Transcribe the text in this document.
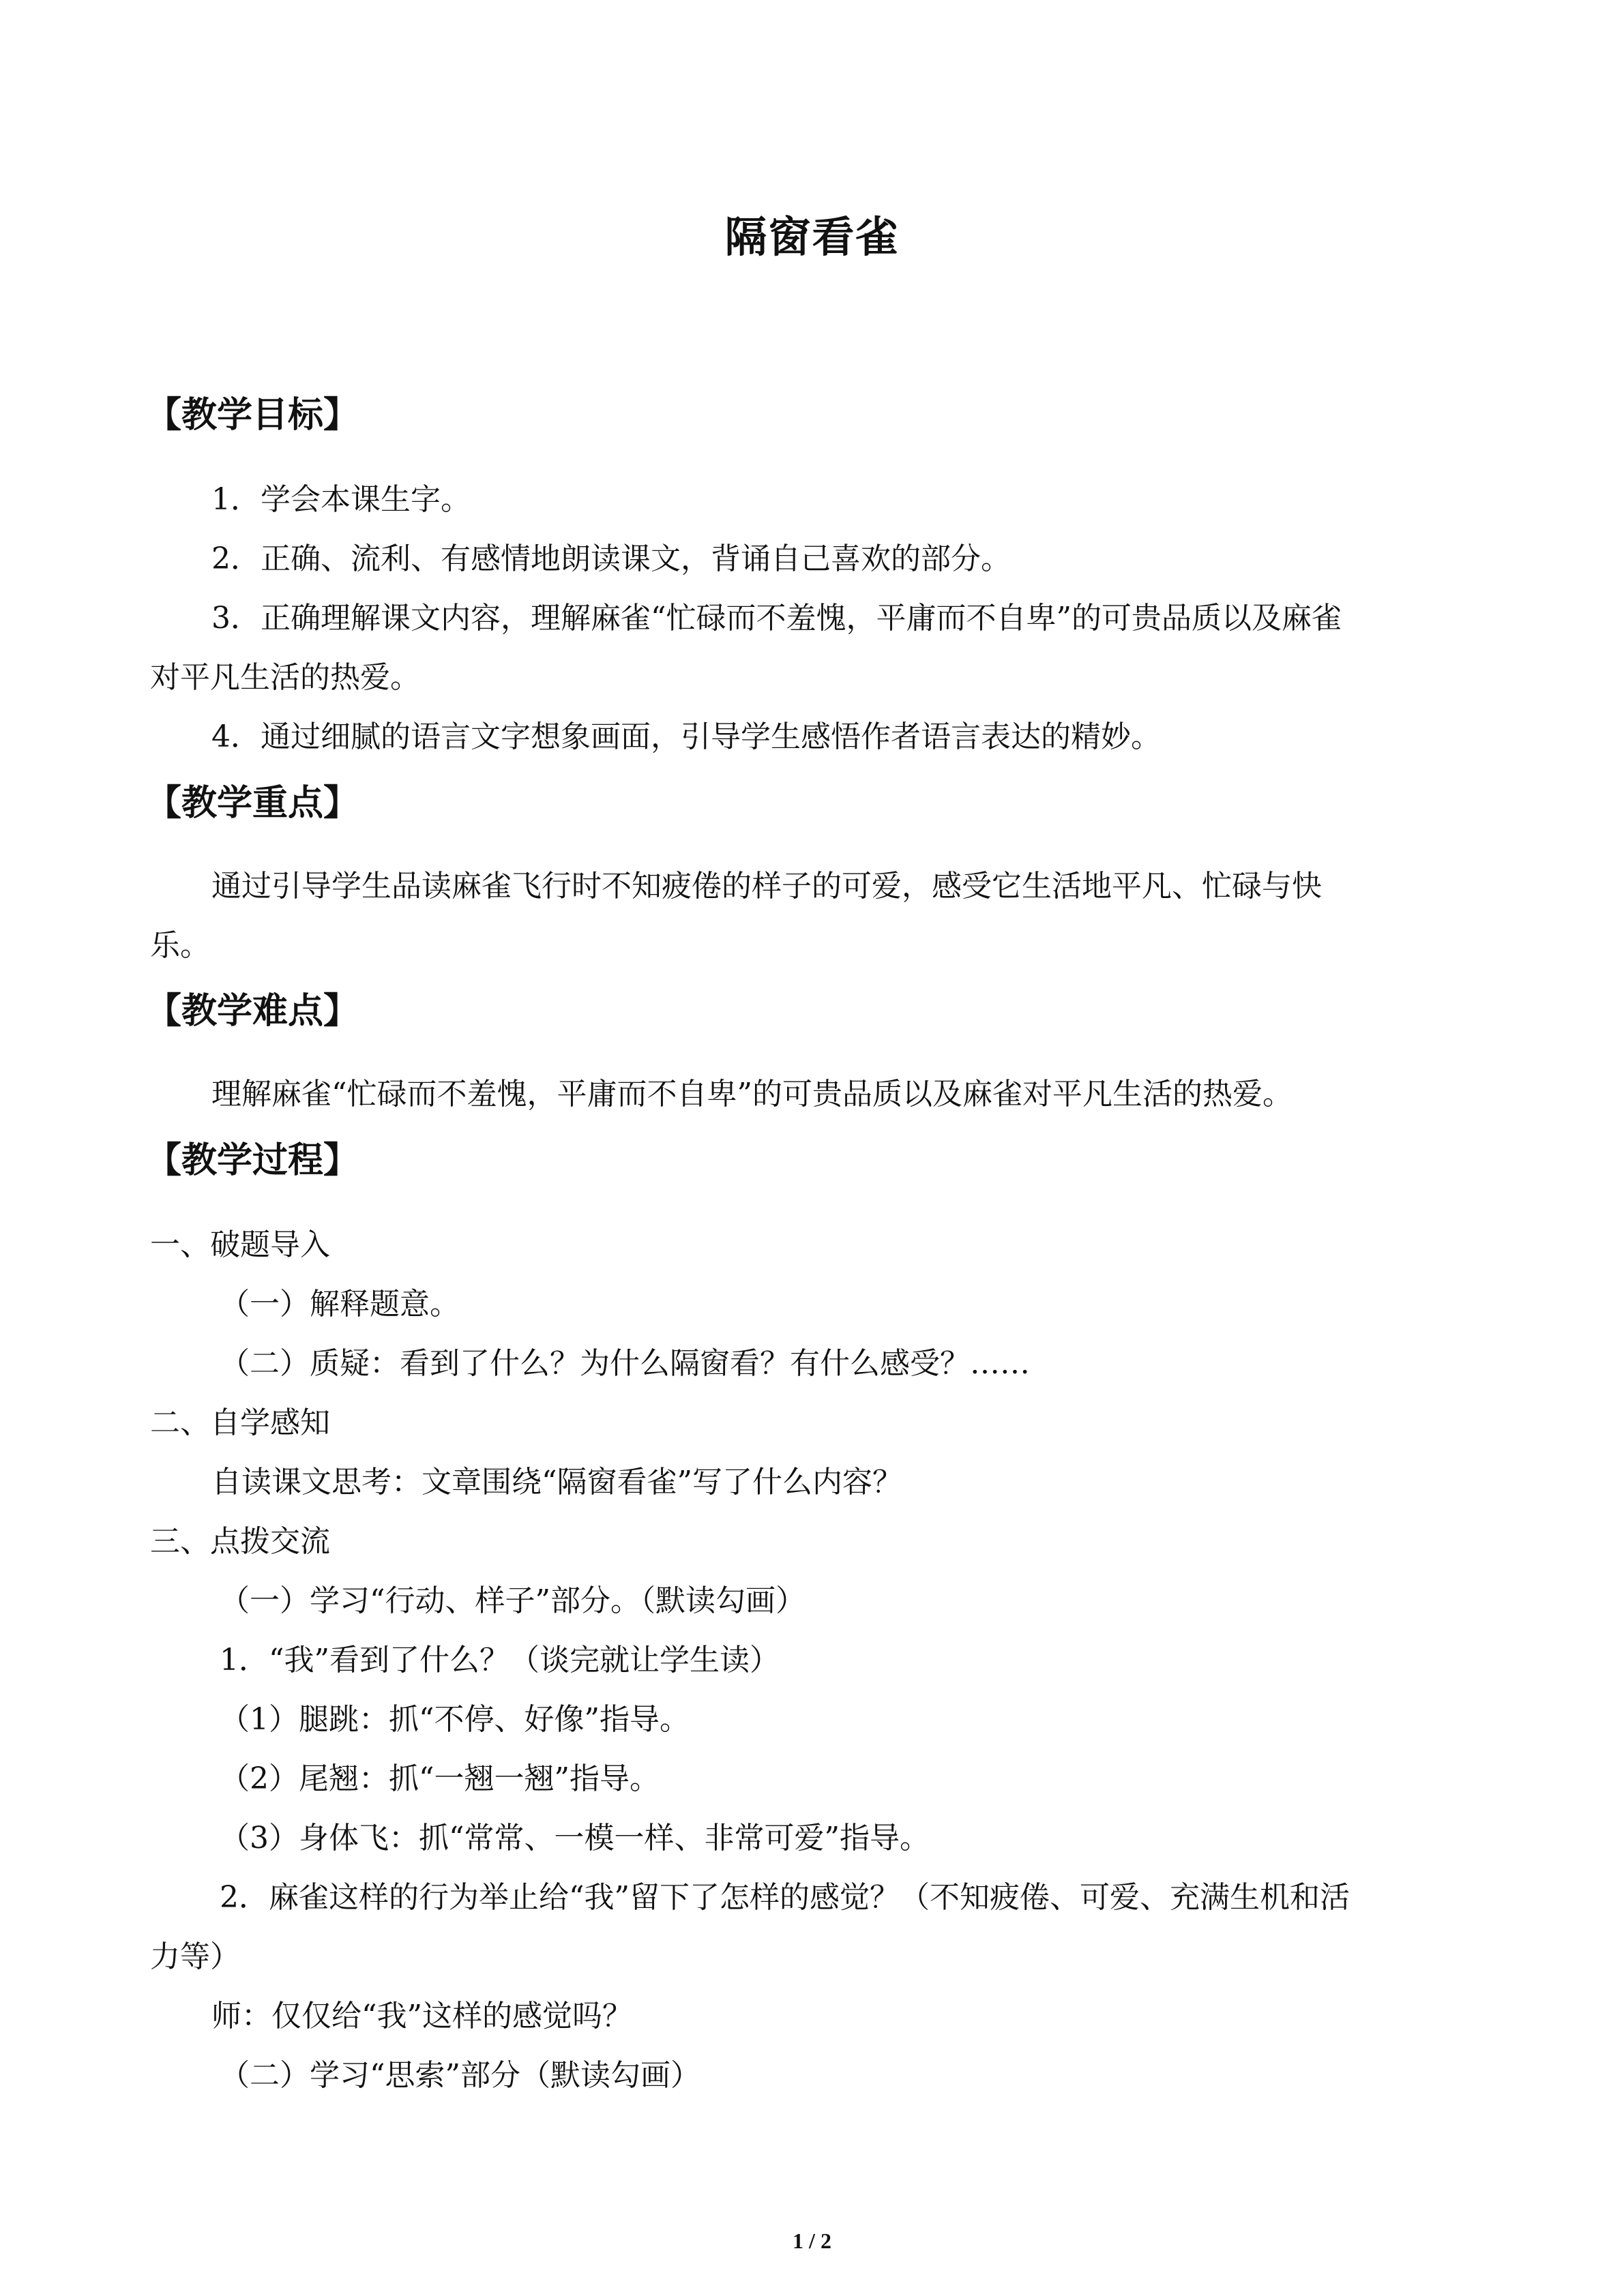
隔窗看雀
【教学目标】
1．学会本课生字。
2．正确、流利、有感情地朗读课文，背诵自己喜欢的部分。
3．正确理解课文内容，理解麻雀“忙碌而不羞愧，平庸而不自卑”的可贵品质以及麻雀
对平凡生活的热爱。
4．通过细腻的语言文字想象画面，引导学生感悟作者语言表达的精妙。
【教学重点】
通过引导学生品读麻雀飞行时不知疲倦的样子的可爱，感受它生活地平凡、忙碌与快
乐。
【教学难点】
理解麻雀“忙碌而不羞愧，平庸而不自卑”的可贵品质以及麻雀对平凡生活的热爱。
【教学过程】
一、破题导入
（一）解释题意。
（二）质疑：看到了什么？为什么隔窗看？有什么感受？……
二、自学感知
自读课文思考：文章围绕“隔窗看雀”写了什么内容？
三、点拨交流
（一）学习“行动、样子”部分。（默读勾画）
1．“我”看到了什么？（谈完就让学生读）
（1）腿跳：抓“不停、好像”指导。
（2）尾翘：抓“一翘一翘”指导。
（3）身体飞：抓“常常、一模一样、非常可爱”指导。
2．麻雀这样的行为举止给“我”留下了怎样的感觉？（不知疲倦、可爱、充满生机和活
力等）
师：仅仅给“我”这样的感觉吗？
（二）学习“思索”部分（默读勾画）
1 / 2
